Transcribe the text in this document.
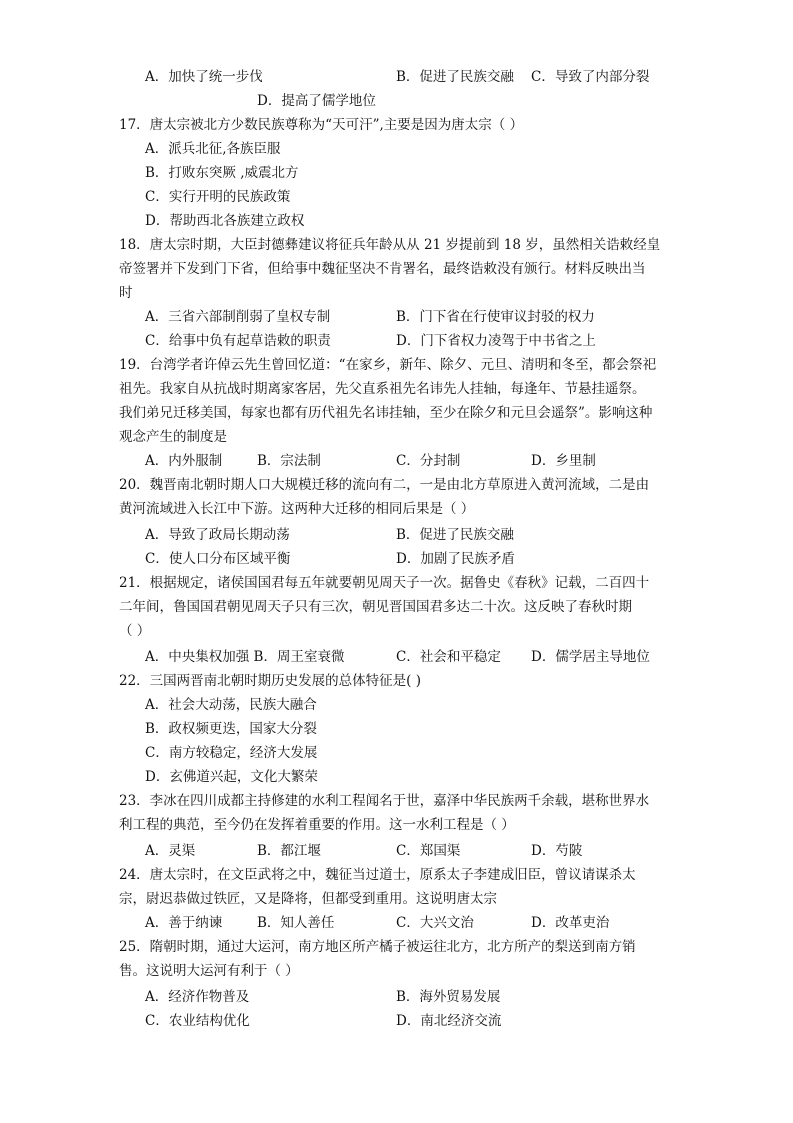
A．加快了统一步伐	B．促进了民族交融 C．导致了内部分裂
D．提高了儒学地位
17．唐太宗被北方少数民族尊称为“天可汗”,主要是因为唐太宗（ ）
A．派兵北征,各族臣服
B．打败东突厥 ,威震北方
C．实行开明的民族政策
D．帮助西北各族建立政权
18．唐太宗时期，大臣封德彝建议将征兵年龄从从 21 岁提前到 18 岁，虽然相关诰敕经皇
帝签署并下发到门下省，但给事中魏征坚决不肯署名，最终诰敕没有颁行。材料反映出当
时
A．三省六部制削弱了皇权专制	B．门下省在行使审议封驳的权力
C．给事中负有起草诰敕的职责	D．门下省权力凌驾于中书省之上
19．台湾学者许倬云先生曾回忆道：“在家乡，新年、除夕、元旦、清明和冬至，都会祭祀
祖先。我家自从抗战时期离家客居，先父直系祖先名讳先人挂轴，每逢年、节悬挂遥祭。
我们弟兄迁移美国，每家也都有历代祖先名讳挂轴，至少在除夕和元旦会遥祭”。影响这种
观念产生的制度是
A．内外服制	B．宗法制	C．分封制	D．乡里制
20．魏晋南北朝时期人口大规模迁移的流向有二，一是由北方草原进入黄河流域，二是由
黄河流域进入长江中下游。这两种大迁移的相同后果是（ ）
A．导致了政局长期动荡	B．促进了民族交融
C．使人口分布区域平衡	D．加剧了民族矛盾
21．根据规定，诸侯国国君每五年就要朝见周天子一次。据鲁史《春秋》记载，二百四十
二年间，鲁国国君朝见周天子只有三次，朝见晋国国君多达二十次。这反映了春秋时期
（ ）
A．中央集权加强 B．周王室衰微	C．社会和平稳定 D．儒学居主导地位
22．三国两晋南北朝时期历史发展的总体特征是( )
A．社会大动荡，民族大融合
B．政权频更迭，国家大分裂
C．南方较稳定，经济大发展
D．玄佛道兴起，文化大繁荣
23．李冰在四川成都主持修建的水利工程闻名于世，嘉泽中华民族两千余载，堪称世界水
利工程的典范，至今仍在发挥着重要的作用。这一水利工程是（ ）
A．灵渠	B．都江堰	C．郑国渠	D．芍陂
24．唐太宗时，在文臣武将之中，魏征当过道士，原系太子李建成旧臣，曾议请谋杀太
宗，尉迟恭做过铁匠，又是降将，但都受到重用。这说明唐太宗
A．善于纳谏	B．知人善任	C．大兴文治	D．改革吏治
25．隋朝时期，通过大运河，南方地区所产橘子被运往北方，北方所产的梨送到南方销
售。这说明大运河有利于（ ）
A．经济作物普及	B．海外贸易发展
C．农业结构优化	D．南北经济交流
